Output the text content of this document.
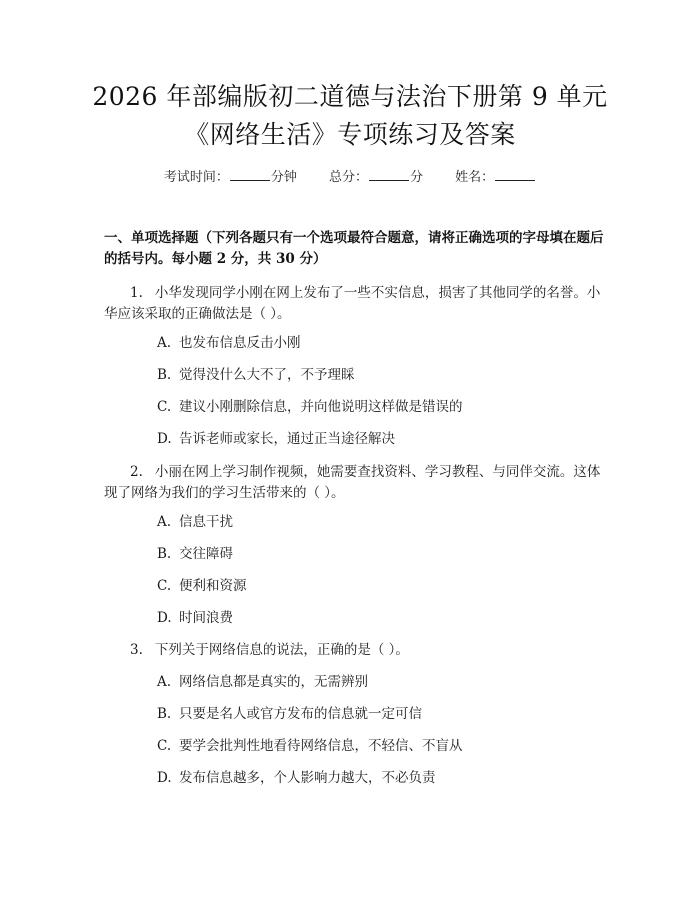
2026 年部编版初二道德与法治下册第 9 单元
《网络生活》专项练习及答案
考试时间：	分钟 总分：	分 姓名：
一、单项选择题（下列各题只有一个选项最符合题意，请将正确选项的字母填在题后的括号内。每小题 2 分，共 30 分）
1. 小华发现同学小刚在网上发布了一些不实信息，损害了其他同学的名誉。小华应该采取的正确做法是（ ）。
A. 也发布信息反击小刚
B. 觉得没什么大不了，不予理睬
C. 建议小刚删除信息，并向他说明这样做是错误的
D. 告诉老师或家长，通过正当途径解决
2. 小丽在网上学习制作视频，她需要查找资料、学习教程、与同伴交流。这体现了网络为我们的学习生活带来的（ ）。
A. 信息干扰
B. 交往障碍
C. 便利和资源
D. 时间浪费
3. 下列关于网络信息的说法，正确的是（ ）。
A. 网络信息都是真实的，无需辨别
B. 只要是名人或官方发布的信息就一定可信
C. 要学会批判性地看待网络信息，不轻信、不盲从
D. 发布信息越多，个人影响力越大，不必负责
